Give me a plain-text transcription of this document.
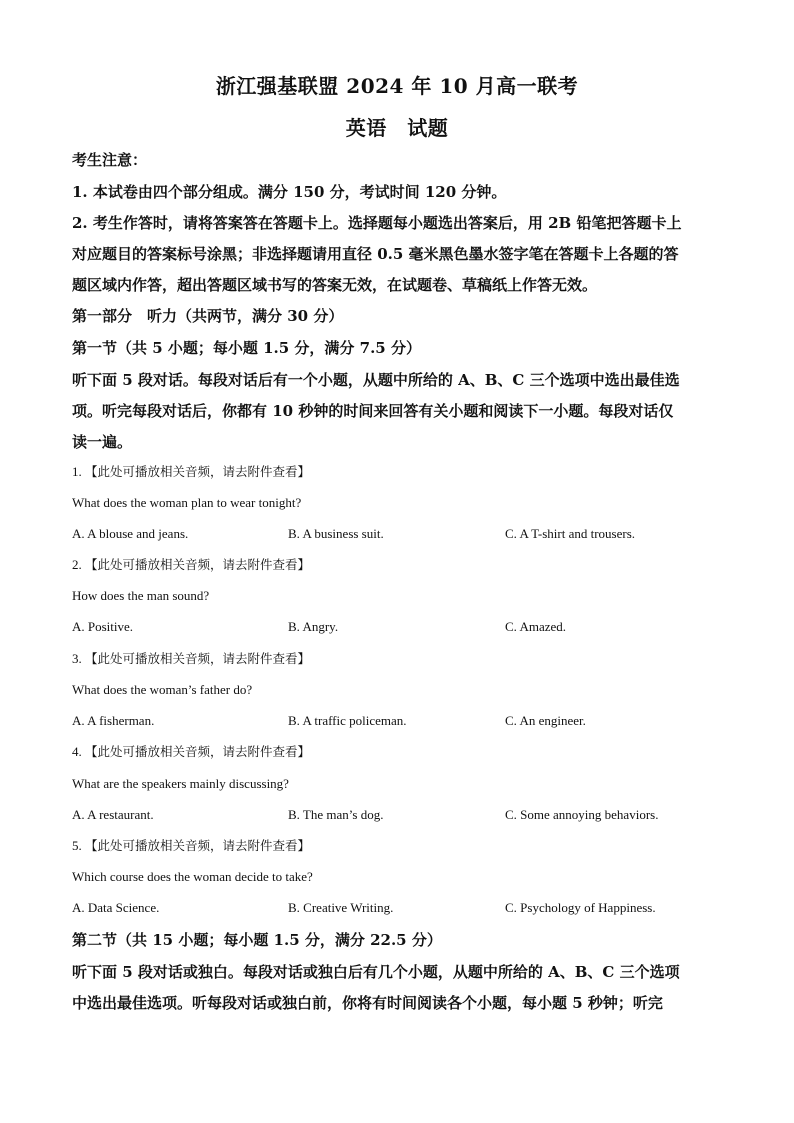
浙江强基联盟 2024 年 10 月高一联考
英语　试题
考生注意：
1. 本试卷由四个部分组成。满分 150 分，考试时间 120 分钟。
2. 考生作答时，请将答案答在答题卡上。选择题每小题选出答案后，用 2B 铅笔把答题卡上
对应题目的答案标号涂黑；非选择题请用直径 0.5 毫米黑色墨水签字笔在答题卡上各题的答
题区域内作答，超出答题区域书写的答案无效，在试题卷、草稿纸上作答无效。
第一部分　听力（共两节，满分 30 分）
第一节（共 5 小题；每小题 1.5 分，满分 7.5 分）
听下面 5 段对话。每段对话后有一个小题，从题中所给的 A、B、C 三个选项中选出最佳选
项。听完每段对话后，你都有 10 秒钟的时间来回答有关小题和阅读下一小题。每段对话仅
读一遍。
1. 【此处可播放相关音频，请去附件查看】
What does the woman plan to wear tonight?
A. A blouse and jeans.	B. A business suit.	C. A T-shirt and trousers.
2. 【此处可播放相关音频，请去附件查看】
How does the man sound?
A. Positive.	B. Angry.	C. Amazed.
3. 【此处可播放相关音频，请去附件查看】
What does the woman’s father do?
A. A fisherman.	B. A traffic policeman.	C. An engineer.
4. 【此处可播放相关音频，请去附件查看】
What are the speakers mainly discussing?
A. A restaurant.	B. The man’s dog.	C. Some annoying behaviors.
5. 【此处可播放相关音频，请去附件查看】
Which course does the woman decide to take?
A. Data Science.	B. Creative Writing.	C. Psychology of Happiness.
第二节（共 15 小题；每小题 1.5 分，满分 22.5 分）
听下面 5 段对话或独白。每段对话或独白后有几个小题，从题中所给的 A、B、C 三个选项
中选出最佳选项。听每段对话或独白前，你将有时间阅读各个小题，每小题 5 秒钟；听完
